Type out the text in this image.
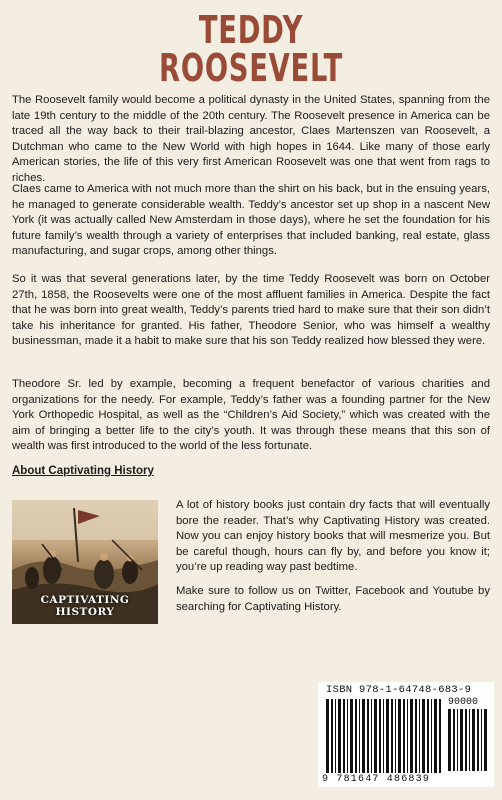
TEDDY
ROOSEVELT

The Roosevelt family would become a political dynasty in the United States, spanning from the late 19th century to the middle of the 20th century. The Roosevelt presence in America can be traced all the way back to their trail-blazing ancestor, Claes Martenszen van Roosevelt, a Dutchman who came to the New World with high hopes in 1644. Like many of those early American stories, the life of this very first American Roosevelt was one that went from rags to riches.

Claes came to America with not much more than the shirt on his back, but in the ensuing years, he managed to generate considerable wealth. Teddy’s ancestor set up shop in a nascent New York (it was actually called New Amsterdam in those days), where he set the foundation for his future family’s wealth through a variety of enterprises that included banking, real estate, glass manufacturing, and sugar crops, among other things.

So it was that several generations later, by the time Teddy Roosevelt was born on October 27th, 1858, the Roosevelts were one of the most affluent families in America. Despite the fact that he was born into great wealth, Teddy’s parents tried hard to make sure that their son didn’t take his inheritance for granted. His father, Theodore Senior, who was himself a wealthy businessman, made it a habit to make sure that his son Teddy realized how blessed they were.

Theodore Sr. led by example, becoming a frequent benefactor of various charities and organizations for the needy. For example, Teddy’s father was a founding partner for the New York Orthopedic Hospital, as well as the “Children’s Aid Society,” which was created with the aim of bringing a better life to the city’s youth. It was through these means that this son of wealth was first introduced to the world of the less fortunate.

About Captivating History
CAPTIVATING HISTORY

A lot of history books just contain dry facts that will eventually bore the reader. That’s why Captivating History was created. Now you can enjoy history books that will mesmerize you. But be careful though, hours can fly by, and before you know it; you’re up reading way past bedtime.

Make sure to follow us on Twitter, Facebook and Youtube by searching for Captivating History.

ISBN 978-1-64748-683-9
90000
9 781647 486839
